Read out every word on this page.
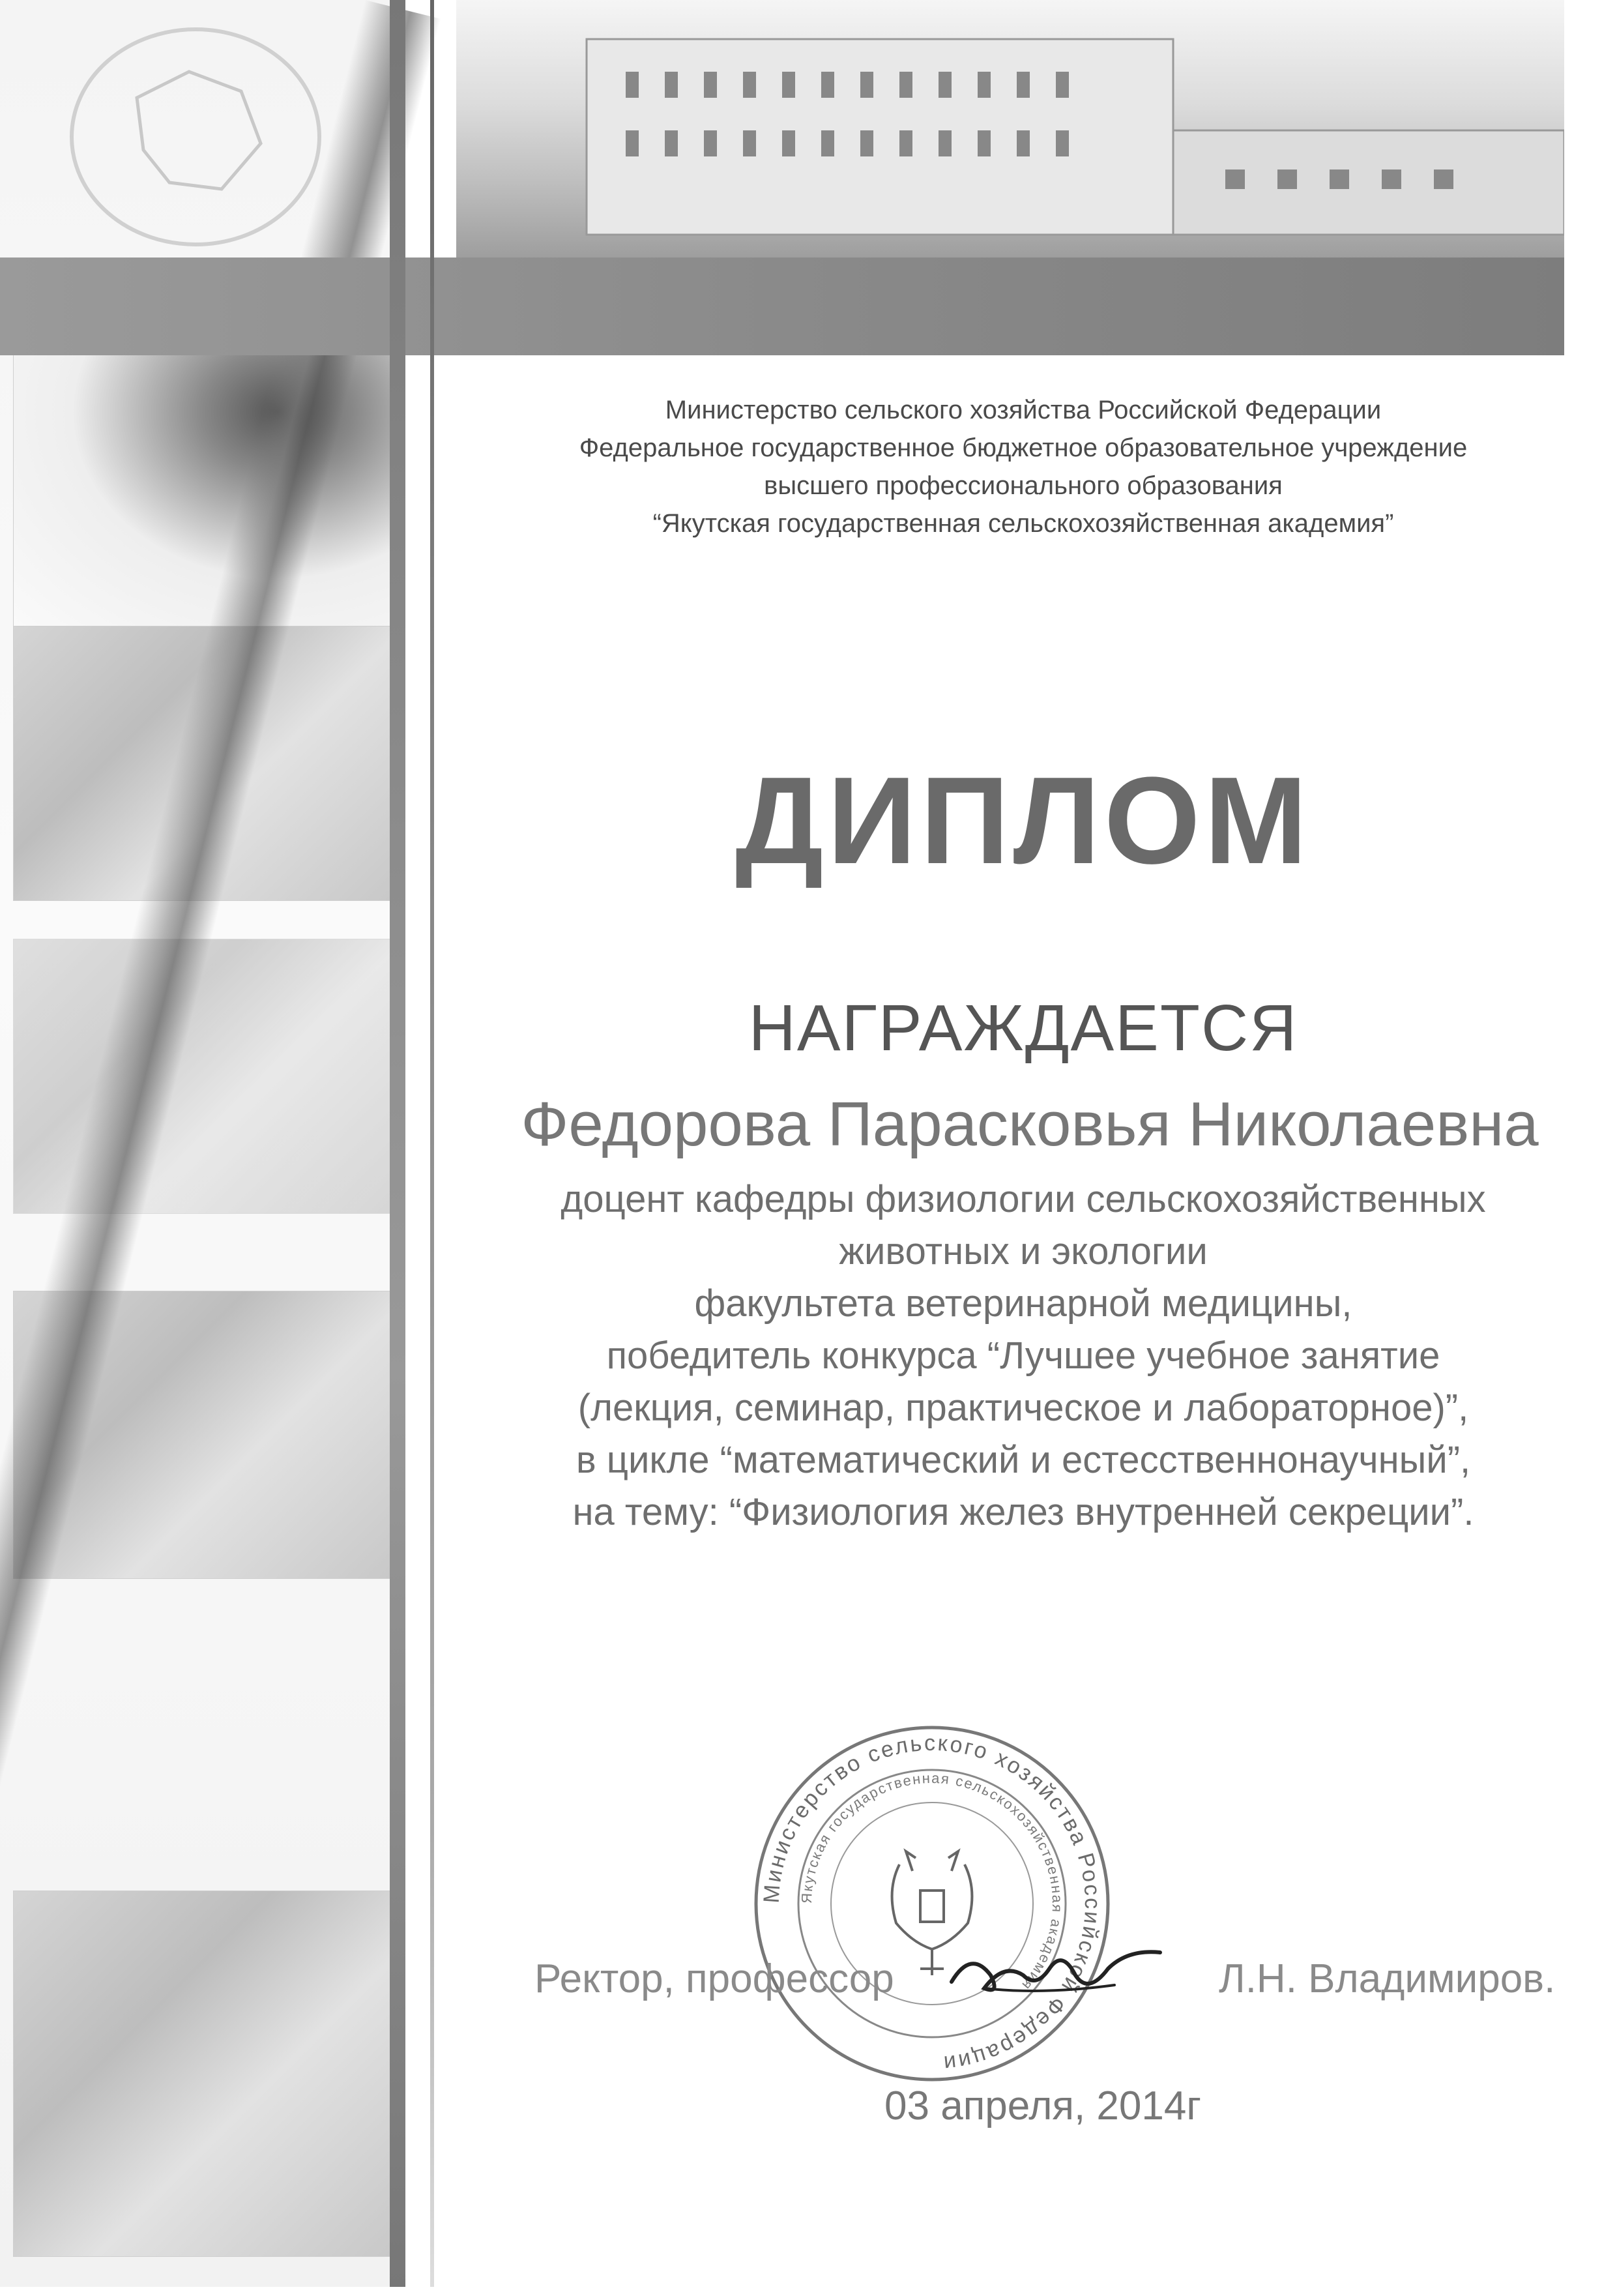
Министерство сельского хозяйства Российской Федерации
Федеральное государственное бюджетное образовательное учреждение
высшего профессионального образования
“Якутская государственная сельскохозяйственная академия”
ДИПЛОМ
НАГРАЖДАЕТСЯ
Федорова Парасковья Николаевна
доцент кафедры физиологии сельскохозяйственных
животных и экологии
факультета ветеринарной медицины,
победитель конкурса “Лучшее учебное занятие
(лекция, семинар, практическое и лабораторное)”,
в цикле “математический и естесственнонаучный”,
на тему: “Физиология желез внутренней секреции”.
Министерство сельского хозяйства Российской Федерации
Якутская государственная сельскохозяйственная академия
Ректор, профессор	Л.Н. Владимиров.
03 апреля, 2014г
